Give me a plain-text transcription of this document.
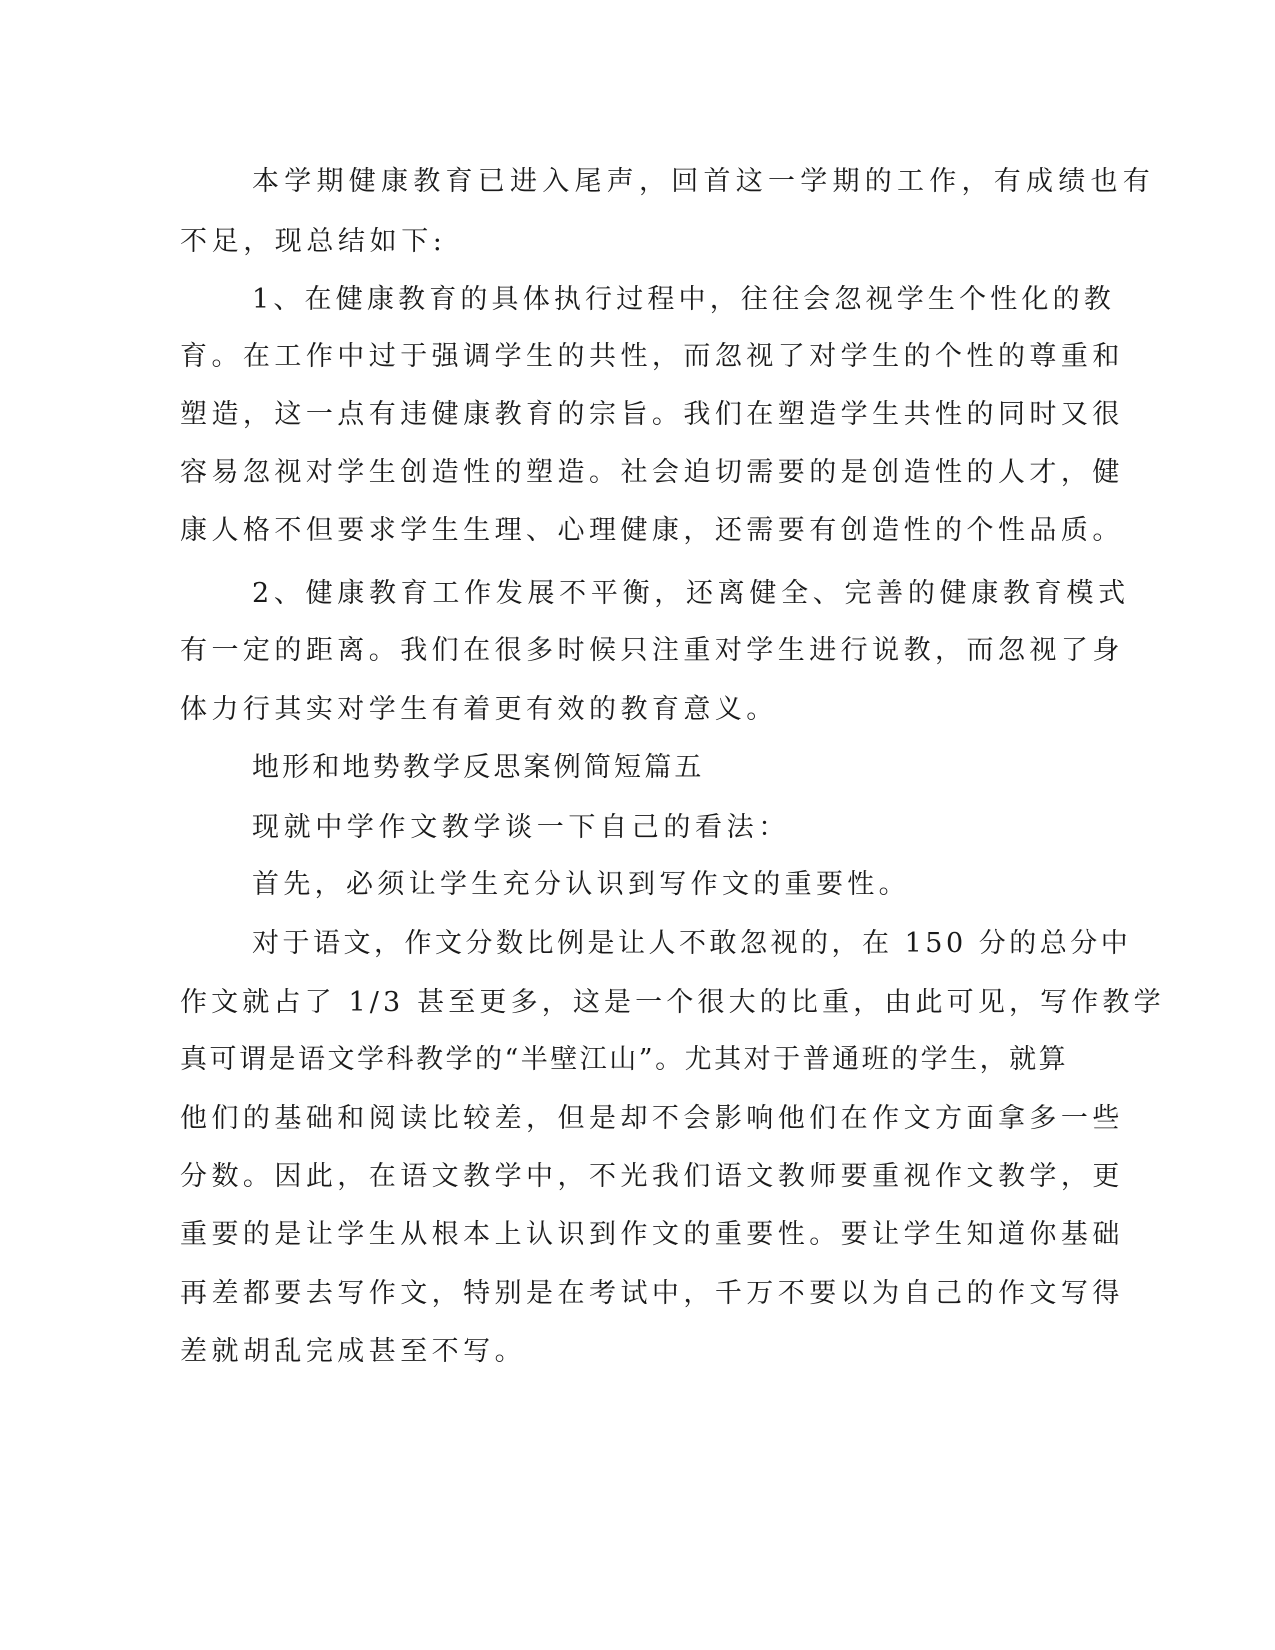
本学期健康教育已进入尾声，回首这一学期的工作，有成绩也有
不足，现总结如下:
1、在健康教育的具体执行过程中，往往会忽视学生个性化的教
育。在工作中过于强调学生的共性，而忽视了对学生的个性的尊重和
塑造，这一点有违健康教育的宗旨。我们在塑造学生共性的同时又很
容易忽视对学生创造性的塑造。社会迫切需要的是创造性的人才，健
康人格不但要求学生生理、心理健康，还需要有创造性的个性品质。
2、健康教育工作发展不平衡，还离健全、完善的健康教育模式
有一定的距离。我们在很多时候只注重对学生进行说教，而忽视了身
体力行其实对学生有着更有效的教育意义。
地形和地势教学反思案例简短篇五
现就中学作文教学谈一下自己的看法：
首先，必须让学生充分认识到写作文的重要性。
对于语文，作文分数比例是让人不敢忽视的，在 150 分的总分中
作文就占了 1/3 甚至更多，这是一个很大的比重，由此可见，写作教学
真可谓是语文学科教学的“半壁江山”。尤其对于普通班的学生，就算
他们的基础和阅读比较差，但是却不会影响他们在作文方面拿多一些
分数。因此，在语文教学中，不光我们语文教师要重视作文教学，更
重要的是让学生从根本上认识到作文的重要性。要让学生知道你基础
再差都要去写作文，特别是在考试中，千万不要以为自己的作文写得
差就胡乱完成甚至不写。
